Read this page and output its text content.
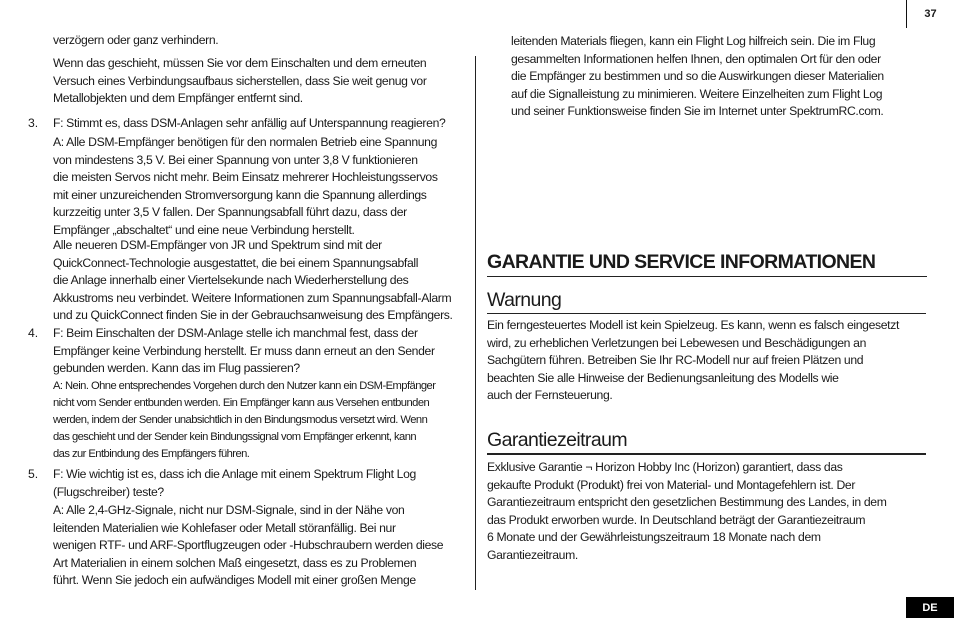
37

verzögern oder ganz verhindern.

Wenn das geschieht, müssen Sie vor dem Einschalten und dem erneuten
Versuch eines Verbindungsaufbaus sicherstellen, dass Sie weit genug vor
Metallobjekten und dem Empfänger entfernt sind.

3. F: Stimmt es, dass DSM-Anlagen sehr anfällig auf Unterspannung reagieren?

A: Alle DSM-Empfänger benötigen für den normalen Betrieb eine Spannung
von mindestens 3,5 V. Bei einer Spannung von unter 3,8 V funktionieren
die meisten Servos nicht mehr. Beim Einsatz mehrerer Hochleistungsservos
mit einer unzureichenden Stromversorgung kann die Spannung allerdings
kurzzeitig unter 3,5 V fallen. Der Spannungsabfall führt dazu, dass der
Empfänger „abschaltet“ und eine neue Verbindung herstellt.

Alle neueren DSM-Empfänger von JR und Spektrum sind mit der
QuickConnect-Technologie ausgestattet, die bei einem Spannungsabfall
die Anlage innerhalb einer Viertelsekunde nach Wiederherstellung des
Akkustroms neu verbindet. Weitere Informationen zum Spannungsabfall-Alarm
und zu QuickConnect finden Sie in der Gebrauchsanweisung des Empfängers.

4. F: Beim Einschalten der DSM-Anlage stelle ich manchmal fest, dass der
Empfänger keine Verbindung herstellt. Er muss dann erneut an den Sender
gebunden werden. Kann das im Flug passieren?

A: Nein. Ohne entsprechendes Vorgehen durch den Nutzer kann ein DSM-Empfänger
nicht vom Sender entbunden werden. Ein Empfänger kann aus Versehen entbunden
werden, indem der Sender unabsichtlich in den Bindungsmodus versetzt wird. Wenn
das geschieht und der Sender kein Bindungssignal vom Empfänger erkennt, kann
das zur Entbindung des Empfängers führen.

5. F: Wie wichtig ist es, dass ich die Anlage mit einem Spektrum Flight Log
(Flugschreiber) teste?

A: Alle 2,4-GHz-Signale, nicht nur DSM-Signale, sind in der Nähe von
leitenden Materialien wie Kohlefaser oder Metall störanfällig. Bei nur
wenigen RTF- und ARF-Sportflugzeugen oder -Hubschraubern werden diese
Art Materialien in einem solchen Maß eingesetzt, dass es zu Problemen
führt. Wenn Sie jedoch ein aufwändiges Modell mit einer großen Menge

leitenden Materials fliegen, kann ein Flight Log hilfreich sein. Die im Flug
gesammelten Informationen helfen Ihnen, den optimalen Ort für den oder
die Empfänger zu bestimmen und so die Auswirkungen dieser Materialien
auf die Signalleistung zu minimieren. Weitere Einzelheiten zum Flight Log
und seiner Funktionsweise finden Sie im Internet unter SpektrumRC.com.

GARANTIE UND SERVICE INFORMATIONEN
Warnung

Ein ferngesteuertes Modell ist kein Spielzeug. Es kann, wenn es falsch eingesetzt
wird, zu erheblichen Verletzungen bei Lebewesen und Beschädigungen an
Sachgütern führen. Betreiben Sie Ihr RC-Modell nur auf freien Plätzen und
beachten Sie alle Hinweise der Bedienungsanleitung des Modells wie
auch der Fernsteuerung.

Garantiezeitraum

Exklusive Garantie ¬ Horizon Hobby Inc (Horizon) garantiert, dass das
gekaufte Produkt (Produkt) frei von Material- und Montagefehlern ist. Der
Garantiezeitraum entspricht den gesetzlichen Bestimmung des Landes, in dem
das Produkt erworben wurde. In Deutschland beträgt der Garantiezeitraum
6 Monate und der Gewährleistungszeitraum 18 Monate nach dem
Garantiezeitraum.

DE
